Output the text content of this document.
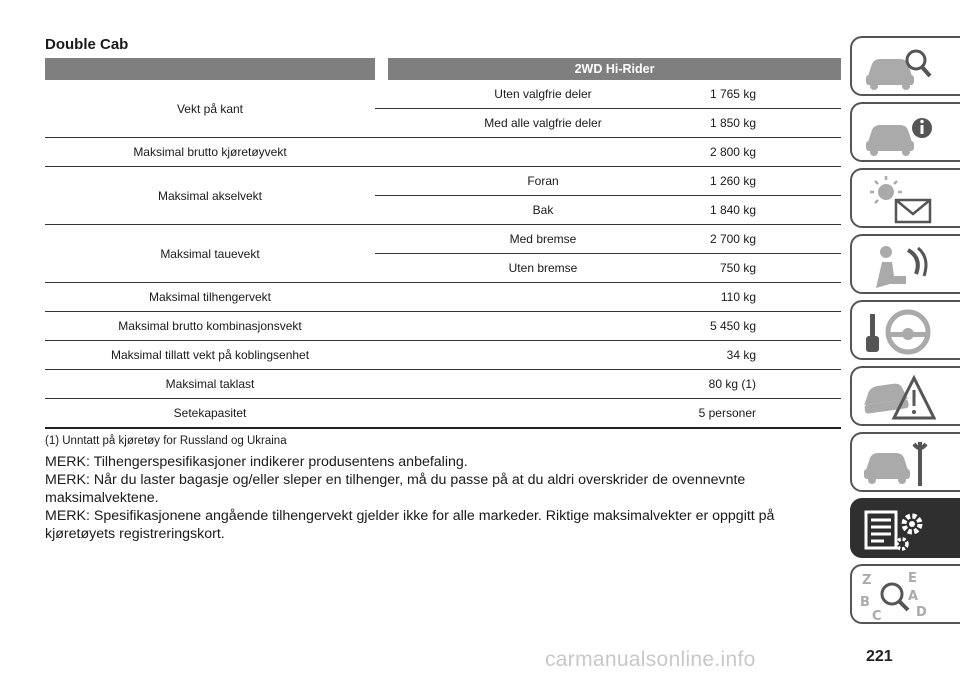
Double Cab
		2WD Hi-Rider
Vekt på kant		Uten valgfrie deler 1 765 kg

		Med alle valgfrie deler 1 850 kg
Maksimal brutto kjøretøyvekt		2 800 kg
Maksimal akselvekt		Foran 1 260 kg

		Bak 1 840 kg
Maksimal tauevekt		Med bremse 2 700 kg

		Uten bremse 750 kg
Maksimal tilhengervekt		110 kg
Maksimal brutto kombinasjonsvekt		5 450 kg
Maksimal tillatt vekt på koblingsenhet		34 kg
Maksimal taklast		80 kg (1)
Setekapasitet		5 personer
(1) Unntatt på kjøretøy for Russland og Ukraina

MERK: Tilhengerspesifikasjoner indikerer produsentens anbefaling.

MERK: Når du laster bagasje og/eller sleper en tilhenger, må du passe på at du aldri overskrider de ovennevnte maksimalvektene.

MERK: Spesifikasjonene angående tilhengervekt gjelder ikke for alle markeder. Riktige maksimalvekter er oppgitt på kjøretøyets registreringskort.

Z	E
B	A
C	D
carmanualsonline.info	221
